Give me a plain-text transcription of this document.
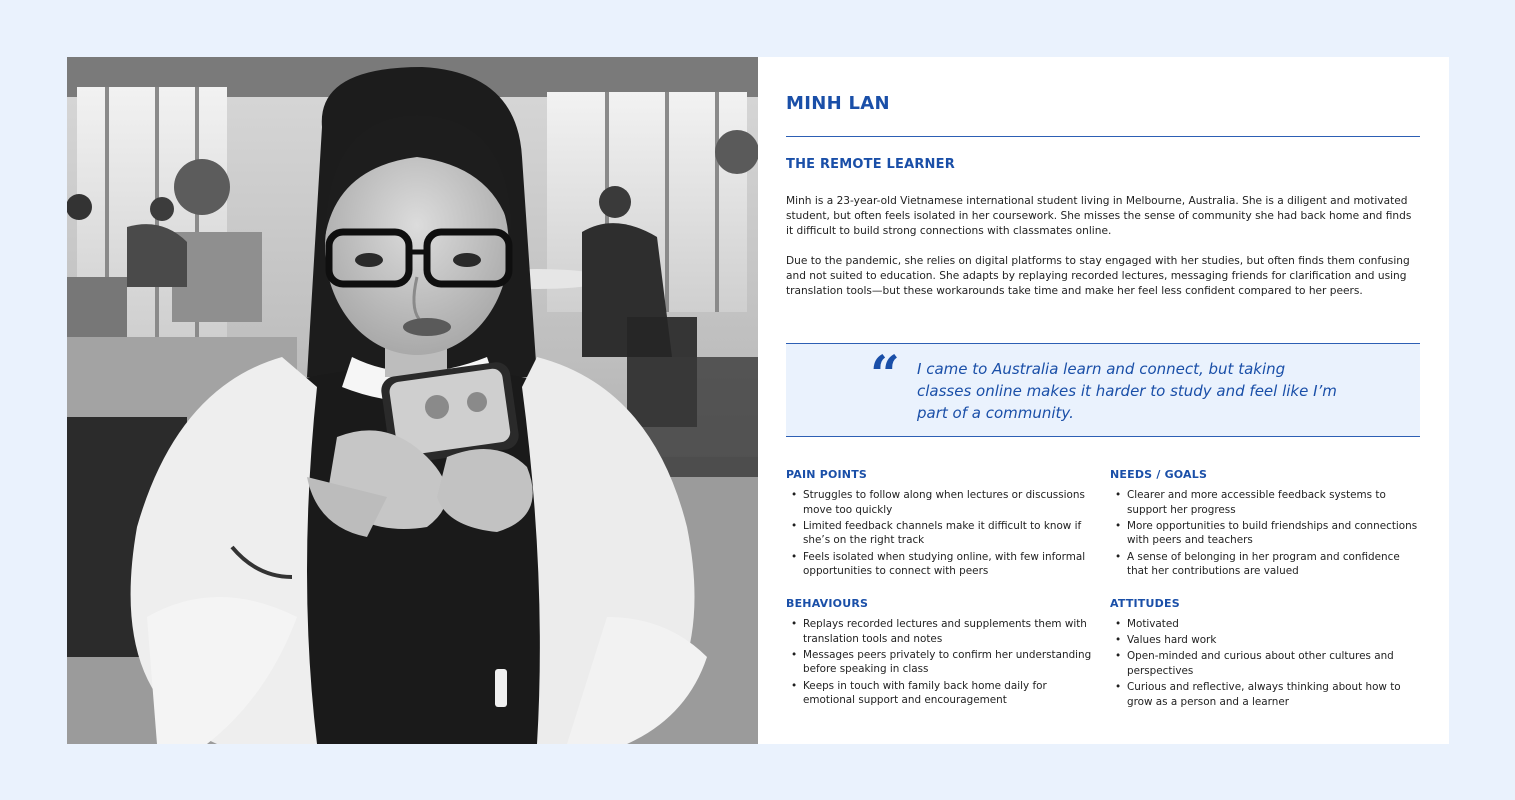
MINH LAN
THE REMOTE LEARNER

Minh is a 23-year-old Vietnamese international student living in Melbourne, Australia. She is a diligent and motivated student, but often feels isolated in her coursework. She misses the sense of community she had back home and finds it difficult to build strong connections with classmates online.

Due to the pandemic, she relies on digital platforms to stay engaged with her studies, but often finds them confusing and not suited to education. She adapts by replaying recorded lectures, messaging friends for clarification and using translation tools—but these workarounds take time and make her feel less confident compared to her peers.

“ I came to Australia learn and connect, but taking classes online makes it harder to study and feel like I’m part of a community.

PAIN POINTS
• Struggles to follow along when lectures or discussions move too quickly
• Limited feedback channels make it difficult to know if she’s on the right track
• Feels isolated when studying online, with few informal opportunities to connect with peers
NEEDS / GOALS
• Clearer and more accessible feedback systems to support her progress
• More opportunities to build friendships and connections with peers and teachers
• A sense of belonging in her program and confidence that her contributions are valued
BEHAVIOURS
• Replays recorded lectures and supplements them with translation tools and notes
• Messages peers privately to confirm her understanding before speaking in class
• Keeps in touch with family back home daily for emotional support and encouragement
ATTITUDES
• Motivated
• Values hard work
• Open-minded and curious about other cultures and perspectives
• Curious and reflective, always thinking about how to grow as a person and a learner
